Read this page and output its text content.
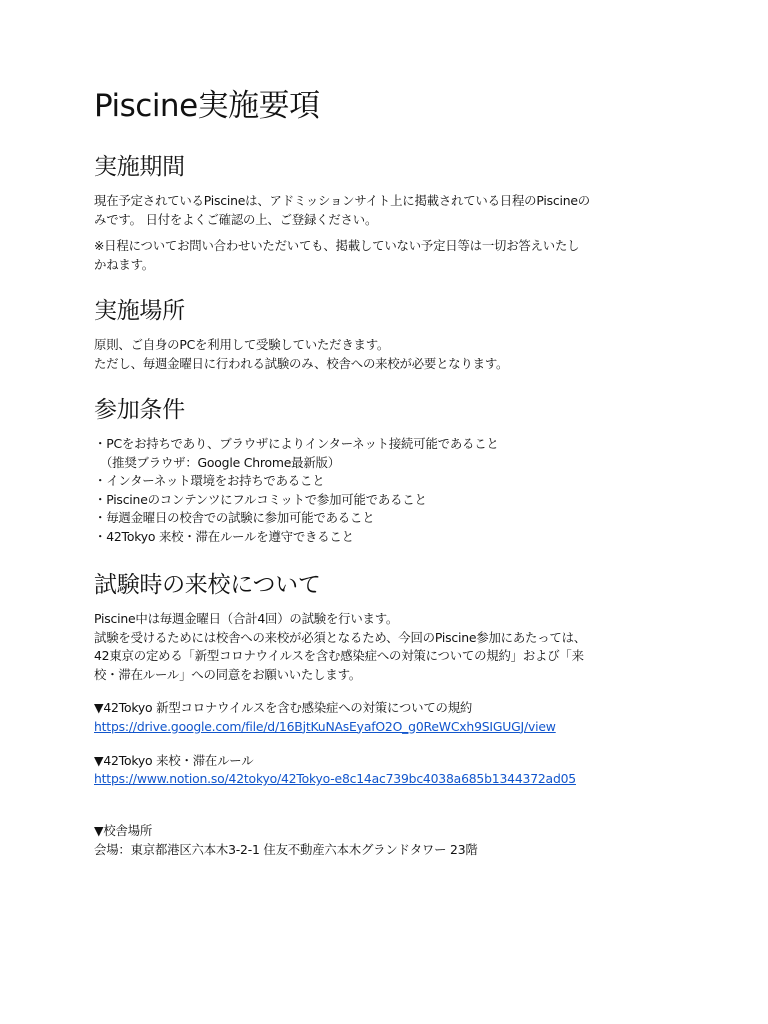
Piscine実施要項
実施期間

現在予定されているPiscineは、アドミッションサイト上に掲載されている日程のPiscineの
みです。 日付をよくご確認の上、ご登録ください。

※日程についてお問い合わせいただいても、掲載していない予定日等は一切お答えいたし
かねます。

実施場所

原則、ご自身のPCを利用して受験していただきます。
ただし、毎週金曜日に行われる試験のみ、校舎への来校が必要となります。

参加条件
・PCをお持ちであり、ブラウザによりインターネット接続可能であること
　（推奨ブラウザ：Google Chrome最新版）
・インターネット環境をお持ちであること
・Piscineのコンテンツにフルコミットで参加可能であること
・毎週金曜日の校舎での試験に参加可能であること
・42Tokyo 来校・滞在ルールを遵守できること
試験時の来校について

Piscine中は毎週金曜日（合計4回）の試験を行います。
試験を受けるためには校舎への来校が必須となるため、今回のPiscine参加にあたっては、
42東京の定める「新型コロナウイルスを含む感染症への対策についての規約」および「来
校・滞在ルール」への同意をお願いいたします。

▼42Tokyo 新型コロナウイルスを含む感染症への対策についての規約
https://drive.google.com/file/d/16BjtKuNAsEyafO2O_g0ReWCxh9SIGUGJ/view
▼42Tokyo 来校・滞在ルール
https://www.notion.so/42tokyo/42Tokyo-e8c14ac739bc4038a685b1344372ad05
▼校舎場所
会場：東京都港区六本木3-2-1 住友不動産六本木グランドタワー 23階
